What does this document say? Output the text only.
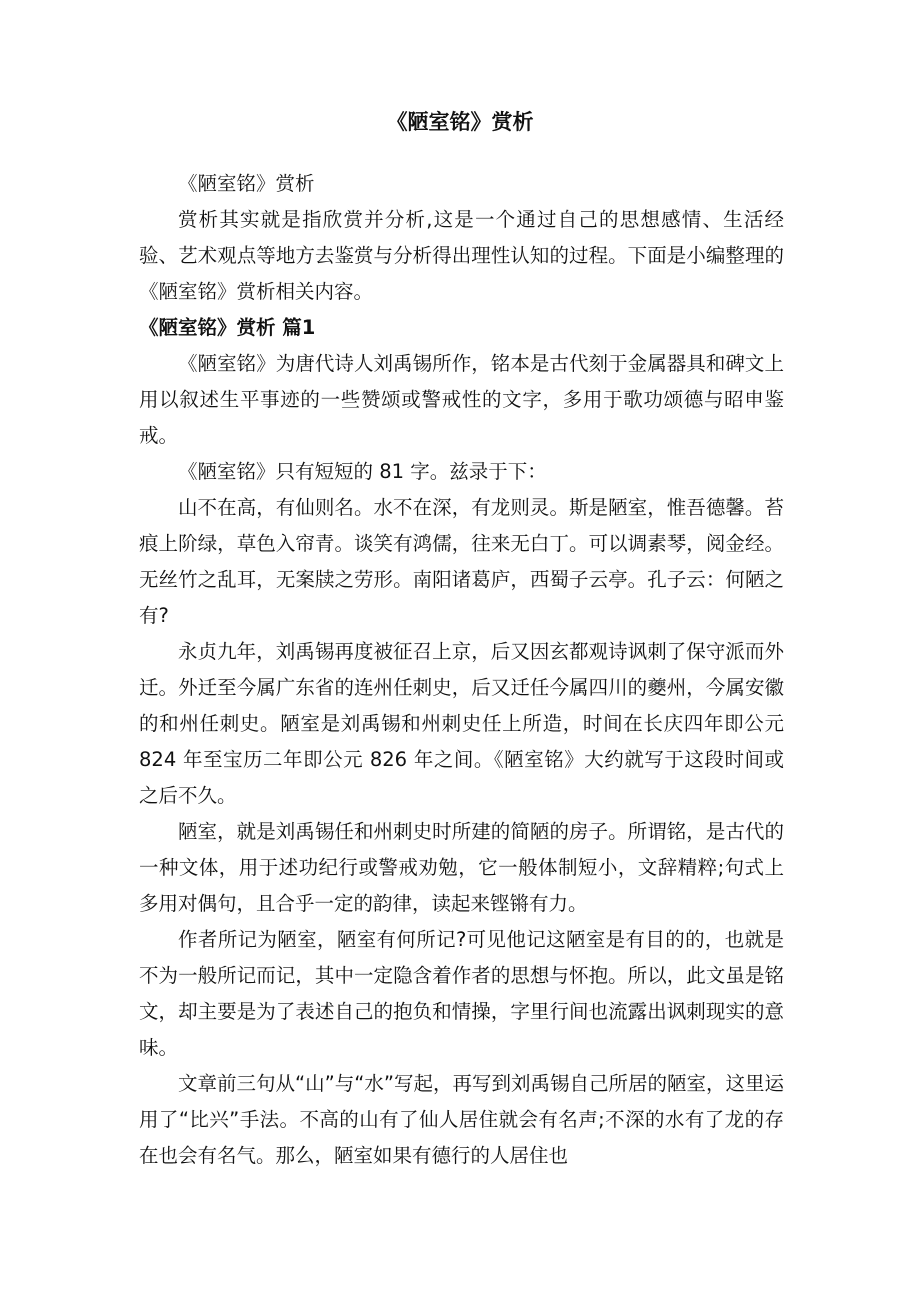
《陋室铭》赏析

《陋室铭》赏析

赏析其实就是指欣赏并分析,这是一个通过自己的思想感情、生活经验、艺术观点等地方去鉴赏与分析得出理性认知的过程。下面是小编整理的《陋室铭》赏析相关内容。

《陋室铭》赏析 篇1

《陋室铭》为唐代诗人刘禹锡所作，铭本是古代刻于金属器具和碑文上用以叙述生平事迹的一些赞颂或警戒性的文字，多用于歌功颂德与昭申鉴戒。

《陋室铭》只有短短的 81 字。兹录于下：

山不在高，有仙则名。水不在深，有龙则灵。斯是陋室，惟吾德馨。苔痕上阶绿，草色入帘青。谈笑有鸿儒，往来无白丁。可以调素琴，阅金经。无丝竹之乱耳，无案牍之劳形。南阳诸葛庐，西蜀子云亭。孔子云：何陋之有?

永贞九年，刘禹锡再度被征召上京，后又因玄都观诗讽刺了保守派而外迁。外迁至今属广东省的连州任刺史，后又迁任今属四川的夔州，今属安徽的和州任刺史。陋室是刘禹锡和州刺史任上所造，时间在长庆四年即公元 824 年至宝历二年即公元 826 年之间。《陋室铭》大约就写于这段时间或之后不久。

陋室，就是刘禹锡任和州刺史时所建的简陋的房子。所谓铭，是古代的一种文体，用于述功纪行或警戒劝勉，它一般体制短小，文辞精粹;句式上多用对偶句，且合乎一定的韵律，读起来铿锵有力。

作者所记为陋室，陋室有何所记?可见他记这陋室是有目的的，也就是不为一般所记而记，其中一定隐含着作者的思想与怀抱。所以，此文虽是铭文，却主要是为了表述自己的抱负和情操，字里行间也流露出讽刺现实的意味。

文章前三句从“山”与“水”写起，再写到刘禹锡自己所居的陋室，这里运用了“比兴”手法。不高的山有了仙人居住就会有名声;不深的水有了龙的存在也会有名气。那么，陋室如果有德行的人居住也
